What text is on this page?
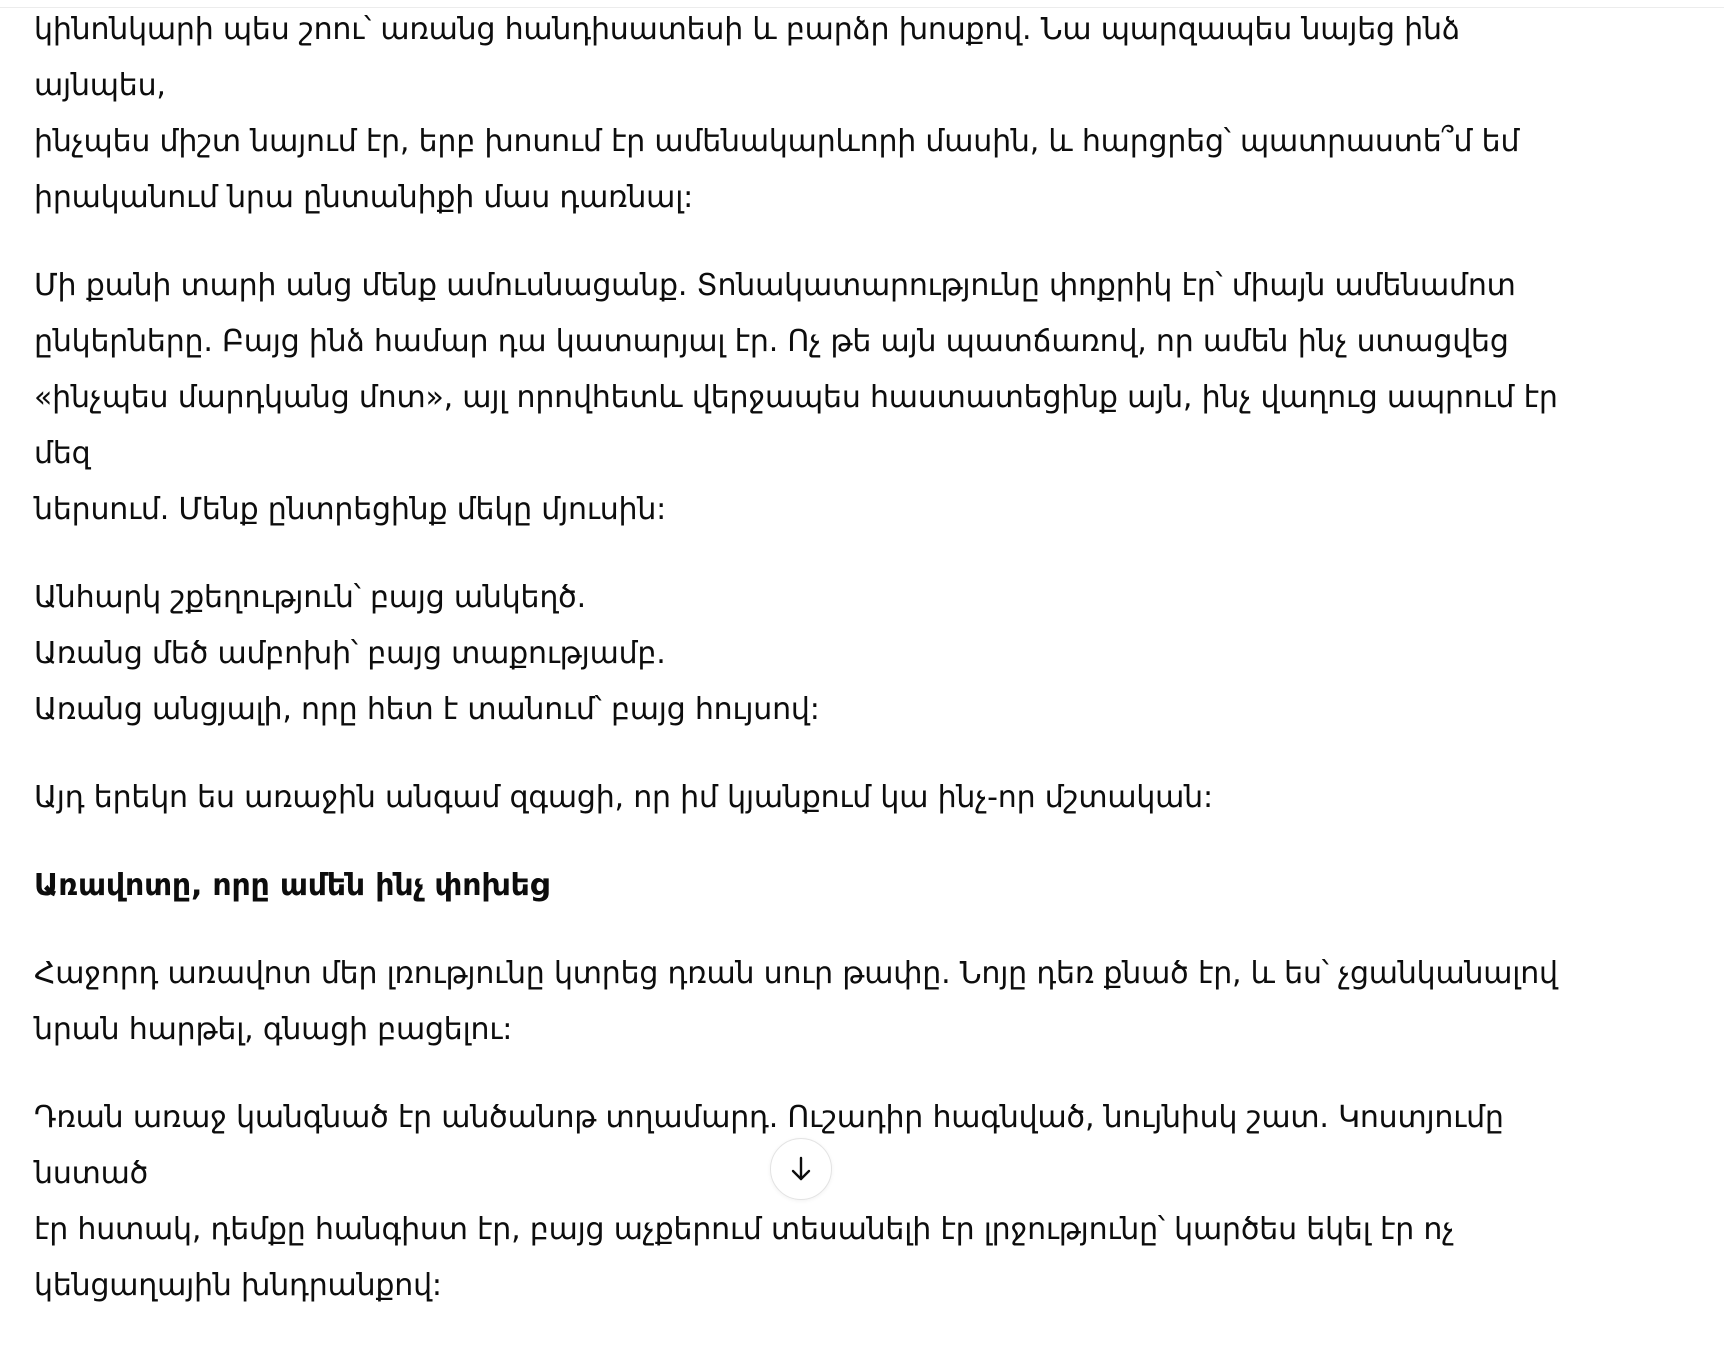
կինոնկարի պես շոու՝ առանց հանդիսատեսի և բարձր խոսքով. Նա պարզապես նայեց ինձ այնպես,
ինչպես միշտ նայում էր, երբ խոսում էր ամենակարևորի մասին, և հարցրեց՝ պատրաստե՞մ եմ
իրականում նրա ընտանիքի մաս դառնալ:

Մի քանի տարի անց մենք ամուսնացանք. Տոնակատարությունը փոքրիկ էր՝ միայն ամենամոտ
ընկերները. Բայց ինձ համար դա կատարյալ էր. Ոչ թե այն պատճառով, որ ամեն ինչ ստացվեց
«ինչպես մարդկանց մոտ», այլ որովհետև վերջապես հաստատեցինք այն, ինչ վաղուց ապրում էր մեզ
ներսում. Մենք ընտրեցինք մեկը մյուսին:

Անհարկ շքեղություն՝ բայց անկեղծ.
Առանց մեծ ամբոխի՝ բայց տաքությամբ.
Առանց անցյալի, որը հետ է տանում՝ բայց հույսով:

Այդ երեկո ես առաջին անգամ զգացի, որ իմ կյանքում կա ինչ-որ մշտական:

Առավոտը, որը ամեն ինչ փոխեց

Հաջորդ առավոտ մեր լռությունը կտրեց դռան սուր թափը. Նոյը դեռ քնած էր, և ես՝ չցանկանալով
նրան հարթել, գնացի բացելու:

Դռան առաջ կանգնած էր անծանոթ տղամարդ. Ուշադիր հագնված, նույնիսկ շատ. Կոստյումը նստած
էր հստակ, դեմքը հանգիստ էր, բայց աչքերում տեսանելի էր լրջությունը՝ կարծես եկել էր ոչ
կենցաղային խնդրանքով:
